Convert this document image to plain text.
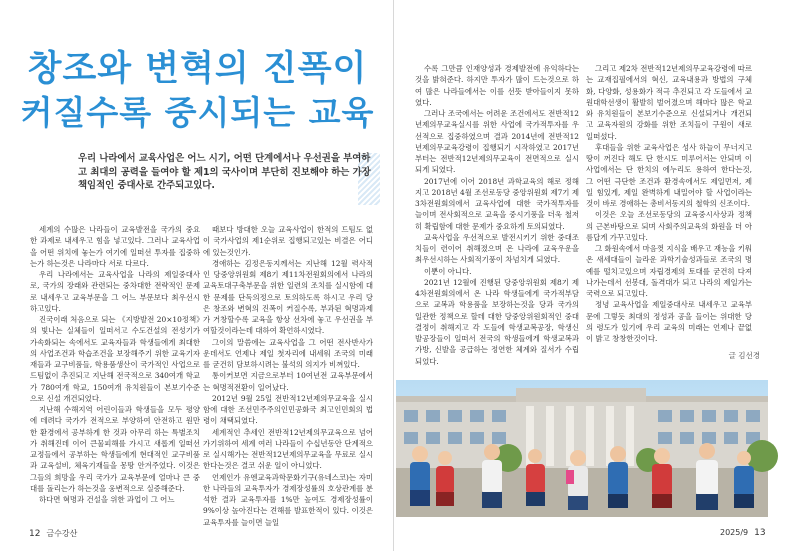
창조와 변혁의 진폭이
커질수록 중시되는 교육
우리 나라에서 교육사업은 어느 시기, 어떤 단계에서나 우선권을 부여하고 최대의 공력을 들여야 할 제1의 국사이며 부단히 진보해야 하는 가장 책임적인 중대사로 간주되고있다.

세계의 수많은 나라들이 교육발전을 국가의 중요한 과제로 내세우고 힘을 넣고있다. 그러나 교육사업을 어떤 위치에 놓는가 여기에 일떠선 투자를 집중하는가 하는것은 나라마다 서로 다르다.

우리 나라에서는 교육사업을 나라의 제일중대사로, 국가의 장래와 관련되는 중차대한 전략적인 문제로 내세우고 교육부문을 그 어느 부문보다 최우선시하고있다.

진국이래 처음으로 되는 《지방발전 20×10정책》의 빛나는 실체들이 일떠서고 수도건설의 전성기가 가속화되는 속에서도 교육자들과 학생들에게 최대한의 사업조건과 학습조건을 보장해주기 위한 교육기자재들과 교구비품들, 학용품생산이 국가적인 사업으로 드팀없이 추진되고 지난해 전국적으로 340여개 학교가 780여개 학교, 150여개 유치원들이 본보기수준으로 신설 개건되었다.

지난해 수해지역 어린이들과 학생들을 모두 평양에 데려다 국가가 전적으로 부양하여 안전하고 원만한 환경에서 공부하게 한 것과 아무리 하는 특별조치가 취해진데 이어 큰물피해를 가시고 새롭게 일떠선 교정들에서 공부하는 학생들에게 현대적인 교구비품과 교육설비, 체육기재들을 몽땅 안겨주었다. 이것은 그들의 희망을 우리 국가가 교육부문에 얼마나 큰 중대를 돌리는가 하는것을 웅변적으로 실증해준다.

하다면 혁명과 건설을 위한 과업이 그 어느

때보다 방대한 오늘 교육사업이 한적의 드팀도 없이 국가사업의 제1순위로 집행되고있는 비결은 어디에 있는것인가.

경애하는 김정은동지께서는 지난해 12월 력사적인 당중앙위원회 제8기 제11차전원회의에서 나라의 교육토대구축부문을 위한 일련의 조치를 실시함에 대한 문제를 단독의정으로 토의하도록 하시고 우리 당은 창조와 변혁의 진폭이 커질수록, 부과된 혁명과제가 거창할수록 교육을 항상 선차에 놓고 우선권을 부여할것이라는데 대하여 확언하시였다.

그이의 말씀에는 교육사업을 그 어떤 전사반사가운데서도 언제나 제일 첫자리에 내세워 조국의 미래를 굳건히 담보하시려는 불석의 의지가 비껴있다.

통이커보면 지금으로부터 10여년전 교육부문에서는 혁명적전환이 일어났다.

2012년 9월 25일 전반적12년제의무교육을 실시함에 대한 조선민주주의인민공화국 최고인민회의 법령이 채택되였다.

세계적인 추세인 전반적12년제의무교육으로 넘어가기위하여 세계 여러 나라들이 수십년동안 단계적으로 실시해가는 전반적12년제의무교육을 무료로 실시한다는것은 결코 쉬운 일이 아니었다.

언제인가 유엔교육과학문화기구(유네스코)는 자미한 나라들의 교육투자가 경제장성률의 호상관계를 분석한 결과 교육투자를 1%만 높여도 경제장성률이 9%이상 높아진다는 견해를 발표한적이 있다. 이것은 교육투자를 늘이면 늘일

12 금수강산

수록 그만큼 인재양성과 경제발전에 유익하다는것을 밝혀준다. 하지만 투자가 많이 드는것으로 하여 많은 나라들에서는 이를 선뜻 받아들이지 못하였다.

그러나 조국에서는 어려운 조건에서도 전반적12년제의무교육실시를 위한 사업에 국가적투자를 우선적으로 집중하였으며 결과 2014년에 전반적12년제의무교육강령이 집행되기 시작하였고 2017년부터는 전반적12년제의무교육이 전면적으로 실시되게 되였다.

2017년에 이어 2018년 과학교육의 해로 정해지고 2018년 4월 조선로동당 중앙위원회 제7기 제3차전원회의에서 교육사업에 대한 국가적투자를 늘이며 전사회적으로 교육을 중시기풍을 더욱 철저히 확립함에 대한 문제가 중요하게 토의되였다.

교육사업을 우선적으로 발전시키기 위한 중대조치들이 련이어 취해졌으며 온 나라에 교육우운을 최우선시하는 사회적기풍이 차넘치게 되였다.

이뿐이 아니다.

2021년 12월에 진행된 당중앙위원회 제8기 제4차전원회의에서 온 나라 학생들에게 국가적부담으로 교복과 학용품을 보장하는것을 당과 국가의 일관한 정책으로 할데 대한 당중앙위원회적인 중대결정이 취해지고 각 도들에 학생교복공장, 학생신발공장들이 일떠서 전국의 학생들에게 학생교복과 가방, 신발을 공급하는 정연한 체계와 질서가 수립되었다.

그리고 제2차 전반적12년제의무교육강령에 따르는 교재집필에서의 혁신, 교육내용과 방법의 구체화, 다양화, 성용화가 적극 추진되고 각 도들에서 교원대학선생이 활발히 벌어졌으며 해마다 많은 학교와 유치원들이 본보기수준으로 신설되거나 개건되고 교육자원의 강화를 위한 조치들이 구원이 새로 일떠섰다.

후대들을 위한 교육사업은 성사 하늘이 무너지고 땅이 꺼진다 해도 단 한시도 미루어서는 안되며 이 사업에서는 단 한치의 에누리도 용하여 한다는것, 그 어떤 극단한 조건과 환경속에서도 제일먼저, 제일 힘있게, 제일 완벽하게 내밀어야 할 사업이라는것이 바로 경애하는 총비서동지의 철학의 신조이다.

이것은 오늘 조선로동당의 교육중시사상과 정책의 근본바탕으로 되며 사회주의교육의 화원을 더 아름답게 가꾸고있다.

그 화원속에서 마음껏 지식을 배우고 재능을 키워온 새세대들이 늘라운 과학기술성과들로 조국의 명예를 떨치고있으며 자립경제의 토대를 굳건히 다져나가는데서 선봉대, 돌격대가 되고 나라의 제일가는 국력으로 되고있다.

정녕 교육사업을 제일중대사로 내세우고 교육부문에 그렇듯 최대의 정성과 공을 들이는 위대한 당의 령도가 있기에 우리 교육의 미래는 언제나 끝없이 밝고 창창한것이다.

글 김선경
2025/9 13
